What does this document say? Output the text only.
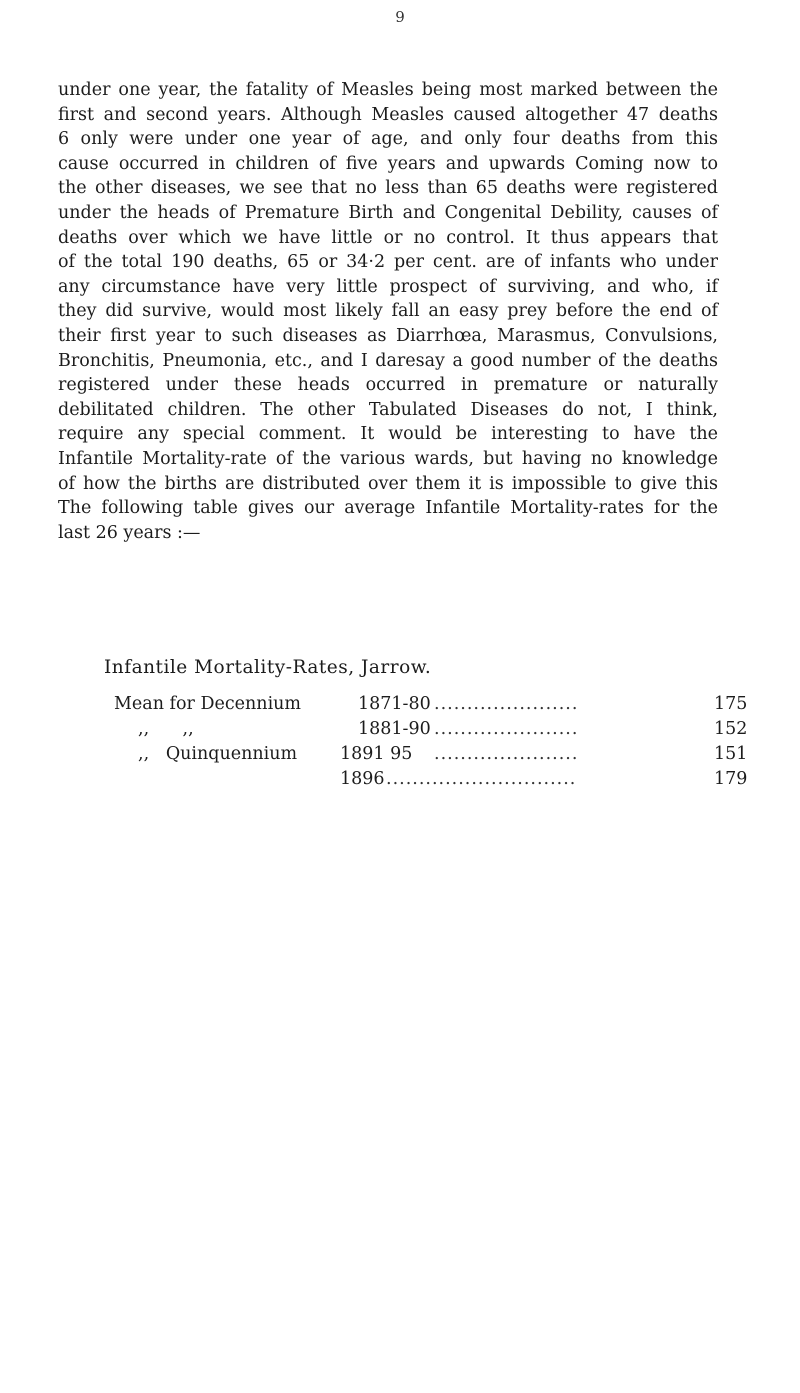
9
under one year, the fatality of Measles being most marked between the
first and second years. Although Measles caused altogether 47 deaths
6 only were under one year of age, and only four deaths from this
cause occurred in children of five years and upwards Coming now to
the other diseases, we see that no less than 65 deaths were registered
under the heads of Premature Birth and Congenital Debility, causes of
deaths over which we have little or no control. It thus appears that
of the total 190 deaths, 65 or 34·2 per cent. are of infants who under
any circumstance have very little prospect of surviving, and who, if
they did survive, would most likely fall an easy prey before the end of
their first year to such diseases as Diarrhœa, Marasmus, Convulsions,
Bronchitis, Pneumonia, etc., and I daresay a good number of the deaths
registered under these heads occurred in premature or naturally
debilitated children. The other Tabulated Diseases do not, I think,
require any special comment. It would be interesting to have the
Infantile Mortality-rate of the various wards, but having no knowledge
of how the births are distributed over them it is impossible to give this
The following table gives our average Infantile Mortality-rates for the
last 26 years :—
Infantile Mortality-Rates, Jarrow.
Mean for Decennium	1871-80 ......................	175
,,      ,,	1881-90 ......................	152
,,   Quinquennium 1891 95 ......................	151
1896 .............................	179
